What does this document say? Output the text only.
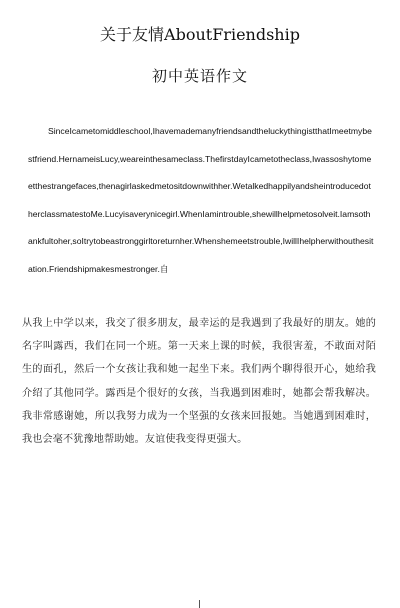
关于友情AboutFriendship
初中英语作文
SinceIcametomiddleschool,IhavemademanyfriendsandtheluckythingistthatImeetmybestfriend.HernameisLucy,weareinthesameclass.ThefirstdayIcametotheclass,Iwassoshytomeetthestrangefaces,thenagirlaskedmetositdownwithher.WetalkedhappilyandsheintroducedotherclassmatestoMe.Lucyisaverynicegirl.WhenIamintrouble,shewillhelpmetosolveit.Iamsothankfultoher,soItrytobeastronggirltoreturnher.Whenshemeetstrouble,IwillIhelpherwithouthesitation.Friendshipmakesmestronger.自
从我上中学以来，我交了很多朋友，最幸运的是我遇到了我最好的朋友。她的名字叫露西，我们在同一个班。第一天来上课的时候，我很害羞，不敢面对陌生的面孔，然后一个女孩让我和她一起坐下来。我们两个聊得很开心，她给我介绍了其他同学。露西是个很好的女孩，当我遇到困难时，她都会帮我解决。我非常感谢她，所以我努力成为一个坚强的女孩来回报她。当她遇到困难时，我也会毫不犹豫地帮助她。友谊使我变得更强大。
